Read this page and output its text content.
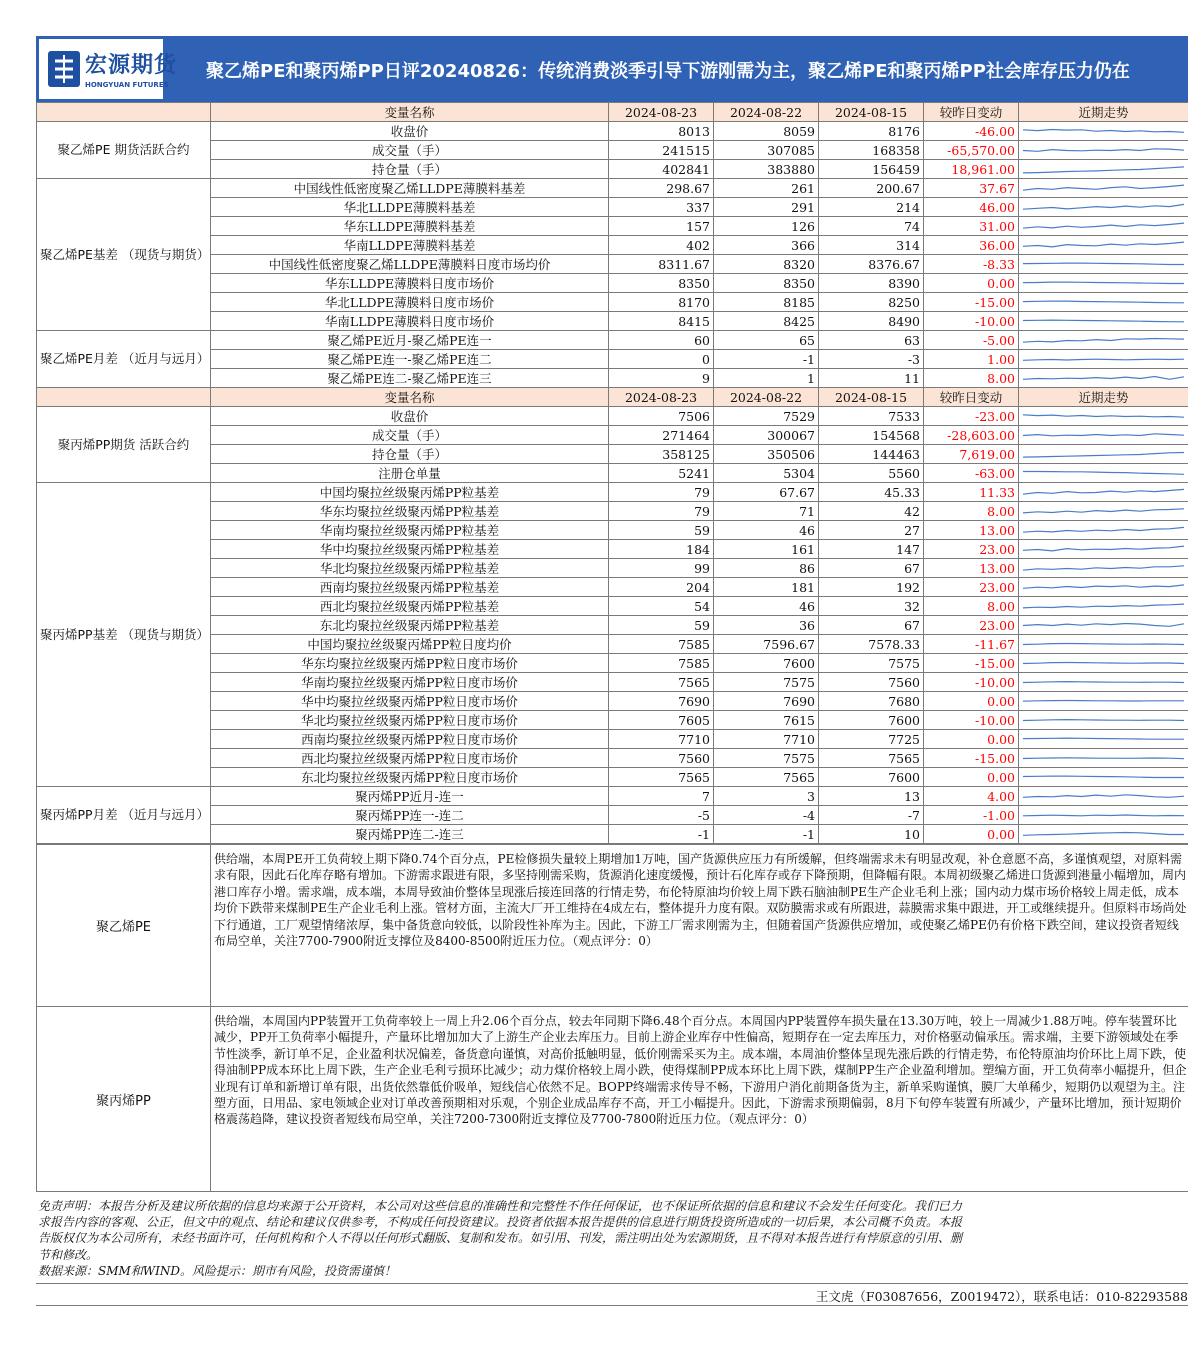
宏源期货
HONGYUAN FUTURES
聚乙烯PE和聚丙烯PP日评20240826：传统消费淡季引导下游刚需为主，聚乙烯PE和聚丙烯PP社会库存压力仍在
	变量名称	2024-08-23	2024-08-22	2024-08-15	较昨日变动	近期走势
聚乙烯PE 期货活跃合约	收盘价	8013	8059	8176	-46.00	

	成交量（手）	241515	307085	168358	-65,570.00	

	持仓量（手）	402841	383880	156459	18,961.00	

聚乙烯PE基差 （现货与期货）	中国线性低密度聚乙烯LLDPE薄膜料基差	298.67	261	200.67	37.67	

	华北LLDPE薄膜料基差	337	291	214	46.00	

	华东LLDPE薄膜料基差	157	126	74	31.00	

	华南LLDPE薄膜料基差	402	366	314	36.00	

	中国线性低密度聚乙烯LLDPE薄膜料日度市场均价	8311.67	8320	8376.67	-8.33	

	华东LLDPE薄膜料日度市场价	8350	8350	8390	0.00	

	华北LLDPE薄膜料日度市场价	8170	8185	8250	-15.00	

	华南LLDPE薄膜料日度市场价	8415	8425	8490	-10.00	

聚乙烯PE月差 （近月与远月）	聚乙烯PE近月-聚乙烯PE连一	60	65	63	-5.00	

	聚乙烯PE连一-聚乙烯PE连二	0	-1	-3	1.00	

	聚乙烯PE连二-聚乙烯PE连三	9	1	11	8.00	

	变量名称	2024-08-23	2024-08-22	2024-08-15	较昨日变动	近期走势
聚丙烯PP期货 活跃合约	收盘价	7506	7529	7533	-23.00	

	成交量（手）	271464	300067	154568	-28,603.00	

	持仓量（手）	358125	350506	144463	7,619.00	

	注册仓单量	5241	5304	5560	-63.00	

聚丙烯PP基差 （现货与期货）	中国均聚拉丝级聚丙烯PP粒基差	79	67.67	45.33	11.33	

	华东均聚拉丝级聚丙烯PP粒基差	79	71	42	8.00	

	华南均聚拉丝级聚丙烯PP粒基差	59	46	27	13.00	

	华中均聚拉丝级聚丙烯PP粒基差	184	161	147	23.00	

	华北均聚拉丝级聚丙烯PP粒基差	99	86	67	13.00	

	西南均聚拉丝级聚丙烯PP粒基差	204	181	192	23.00	

	西北均聚拉丝级聚丙烯PP粒基差	54	46	32	8.00	

	东北均聚拉丝级聚丙烯PP粒基差	59	36	67	23.00	

	中国均聚拉丝级聚丙烯PP粒日度均价	7585	7596.67	7578.33	-11.67	

	华东均聚拉丝级聚丙烯PP粒日度市场价	7585	7600	7575	-15.00	

	华南均聚拉丝级聚丙烯PP粒日度市场价	7565	7575	7560	-10.00	

	华中均聚拉丝级聚丙烯PP粒日度市场价	7690	7690	7680	0.00	

	华北均聚拉丝级聚丙烯PP粒日度市场价	7605	7615	7600	-10.00	

	西南均聚拉丝级聚丙烯PP粒日度市场价	7710	7710	7725	0.00	

	西北均聚拉丝级聚丙烯PP粒日度市场价	7560	7575	7565	-15.00	

	东北均聚拉丝级聚丙烯PP粒日度市场价	7565	7565	7600	0.00	

聚丙烯PP月差 （近月与远月）	聚丙烯PP近月-连一	7	3	13	4.00	

	聚丙烯PP连一-连二	-5	-4	-7	-1.00	

	聚丙烯PP连二-连三	-1	-1	10	0.00	
聚乙烯PE	供给端，本周PE开工负荷较上期下降0.74个百分点，PE检修损失量较上期增加1万吨，国产货源供应压力有所缓解，但终端需求未有明显改观，补仓意愿不高，多谨慎观望，对原料需求有限，因此石化库存略有增加。下游需求跟进有限，多坚持刚需采购，货源消化速度缓慢，预计石化库存或存下降预期，但降幅有限。本周初级聚乙烯进口货源到港量小幅增加，周内港口库存小增。需求端，成本端，本周导致油价整体呈现涨后接连回落的行情走势，布伦特原油均价较上周下跌石脑油制PE生产企业毛利上涨；国内动力煤市场价格较上周走低，成本均价下跌带来煤制PE生产企业毛利上涨。管材方面，主流大厂开工维持在4成左右，整体提升力度有限。双防膜需求或有所跟进，蒜膜需求集中跟进，开工或继续提升。但原料市场尚处下行通道，工厂观望情绪浓厚，集中备货意向较低，以阶段性补库为主。因此，下游工厂需求刚需为主，但随着国产货源供应增加，或使聚乙烯PE仍有价格下跌空间，建议投资者短线布局空单，关注7700-7900附近支撑位及8400-8500附近压力位。（观点评分：0）
聚丙烯PP	供给端，本周国内PP装置开工负荷率较上一周上升2.06个百分点，较去年同期下降6.48个百分点。本周国内PP装置停车损失量在13.30万吨，较上一周减少1.88万吨。停车装置环比减少，PP开工负荷率小幅提升，产量环比增加加大了上游生产企业去库压力。目前上游企业库存中性偏高，短期存在一定去库压力，对价格驱动偏承压。需求端，主要下游领域处在季节性淡季，新订单不足，企业盈利状况偏差，备货意向谨慎，对高价抵触明显，低价刚需采买为主。成本端，本周油价整体呈现先涨后跌的行情走势，布伦特原油均价环比上周下跌，使得油制PP成本环比上周下跌，生产企业毛利亏损环比减少；动力煤价格较上周小跌，使得煤制PP成本环比上周下跌，煤制PP生产企业盈利增加。塑编方面，开工负荷率小幅提升，但企业现有订单和新增订单有限，出货依然靠低价吸单，短线信心依然不足。BOPP终端需求传导不畅，下游用户消化前期备货为主，新单采购谨慎，膜厂大单稀少，短期仍以观望为主。注塑方面，日用品、家电领域企业对订单改善预期相对乐观，个别企业成品库存不高，开工小幅提升。因此，下游需求预期偏弱，8月下旬停车装置有所减少，产量环比增加，预计短期价格震荡趋降，建议投资者短线布局空单，关注7200-7300附近支撑位及7700-7800附近压力位。（观点评分：0）

免责声明：本报告分析及建议所依据的信息均来源于公开资料，本公司对这些信息的准确性和完整性不作任何保证，也不保证所依据的信息和建议不会发生任何变化。我们已力

求报告内容的客观、公正，但文中的观点、结论和建议仅供参考，不构成任何投资建议。投资者依据本报告提供的信息进行期货投资所造成的一切后果，本公司概不负责。本报

告版权仅为本公司所有，未经书面许可，任何机构和个人不得以任何形式翻版、复制和发布。如引用、刊发，需注明出处为宏源期货，且不得对本报告进行有悖原意的引用、删

节和修改。

数据来源：SMM和WIND。风险提示：期市有风险，投资需谨慎！

王文虎（F03087656，Z0019472），联系电话：010-82293588
